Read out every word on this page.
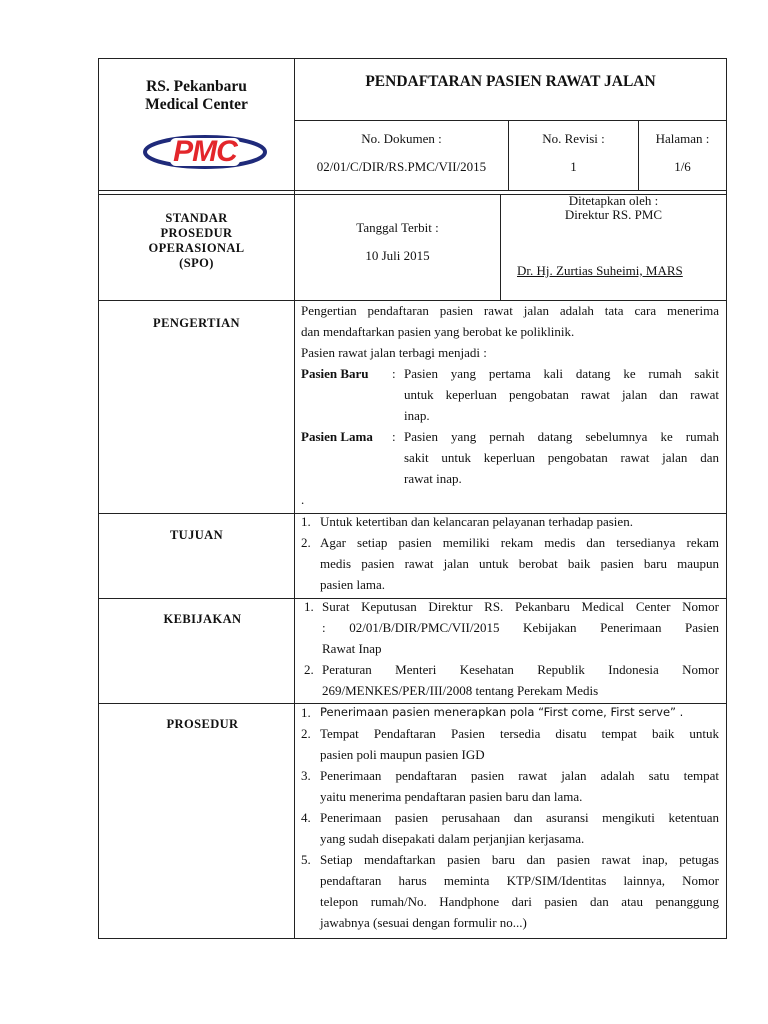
RS. Pekanbaru
Medical Center
PMC
PENDAFTARAN PASIEN RAWAT JALAN
No. Dokumen :
02/01/C/DIR/RS.PMC/VII/2015
No. Revisi :
1
Halaman :
1/6
STANDAR
PROSEDUR
OPERASIONAL
(SPO)
Tanggal Terbit :
10 Juli 2015
Ditetapkan oleh :
Direktur RS. PMC
Dr. Hj. Zurtias Suheimi, MARS
PENGERTIAN
Pengertian pendaftaran pasien rawat jalan adalah tata cara menerima
dan mendaftarkan pasien yang berobat ke poliklinik.
Pasien rawat jalan terbagi menjadi :
Pasien Baru : Pasien yang pertama kali datang ke rumah sakit
untuk keperluan pengobatan rawat jalan dan rawat
inap.
Pasien Lama : Pasien yang pernah datang sebelumnya ke rumah
sakit untuk keperluan pengobatan rawat jalan dan
rawat inap.
.
TUJUAN
1. Untuk ketertiban dan kelancaran pelayanan terhadap pasien.
2. Agar setiap pasien memiliki rekam medis dan tersedianya rekam
medis pasien rawat jalan untuk berobat baik pasien baru maupun
pasien lama.
KEBIJAKAN
1. Surat Keputusan Direktur RS. Pekanbaru Medical Center Nomor
: 02/01/B/DIR/PMC/VII/2015 Kebijakan Penerimaan Pasien
Rawat Inap
2. Peraturan Menteri Kesehatan Republik Indonesia Nomor
269/MENKES/PER/III/2008 tentang Perekam Medis
PROSEDUR
1. Penerimaan pasien menerapkan pola “First come, First serve” .
2. Tempat Pendaftaran Pasien tersedia disatu tempat baik untuk
pasien poli maupun pasien IGD
3. Penerimaan pendaftaran pasien rawat jalan adalah satu tempat
yaitu menerima pendaftaran pasien baru dan lama.
4. Penerimaan pasien perusahaan dan asuransi mengikuti ketentuan
yang sudah disepakati dalam perjanjian kerjasama.
5. Setiap mendaftarkan pasien baru dan pasien rawat inap, petugas
pendaftaran harus meminta KTP/SIM/Identitas lainnya, Nomor
telepon rumah/No. Handphone dari pasien dan atau penanggung
jawabnya (sesuai dengan formulir no...)
